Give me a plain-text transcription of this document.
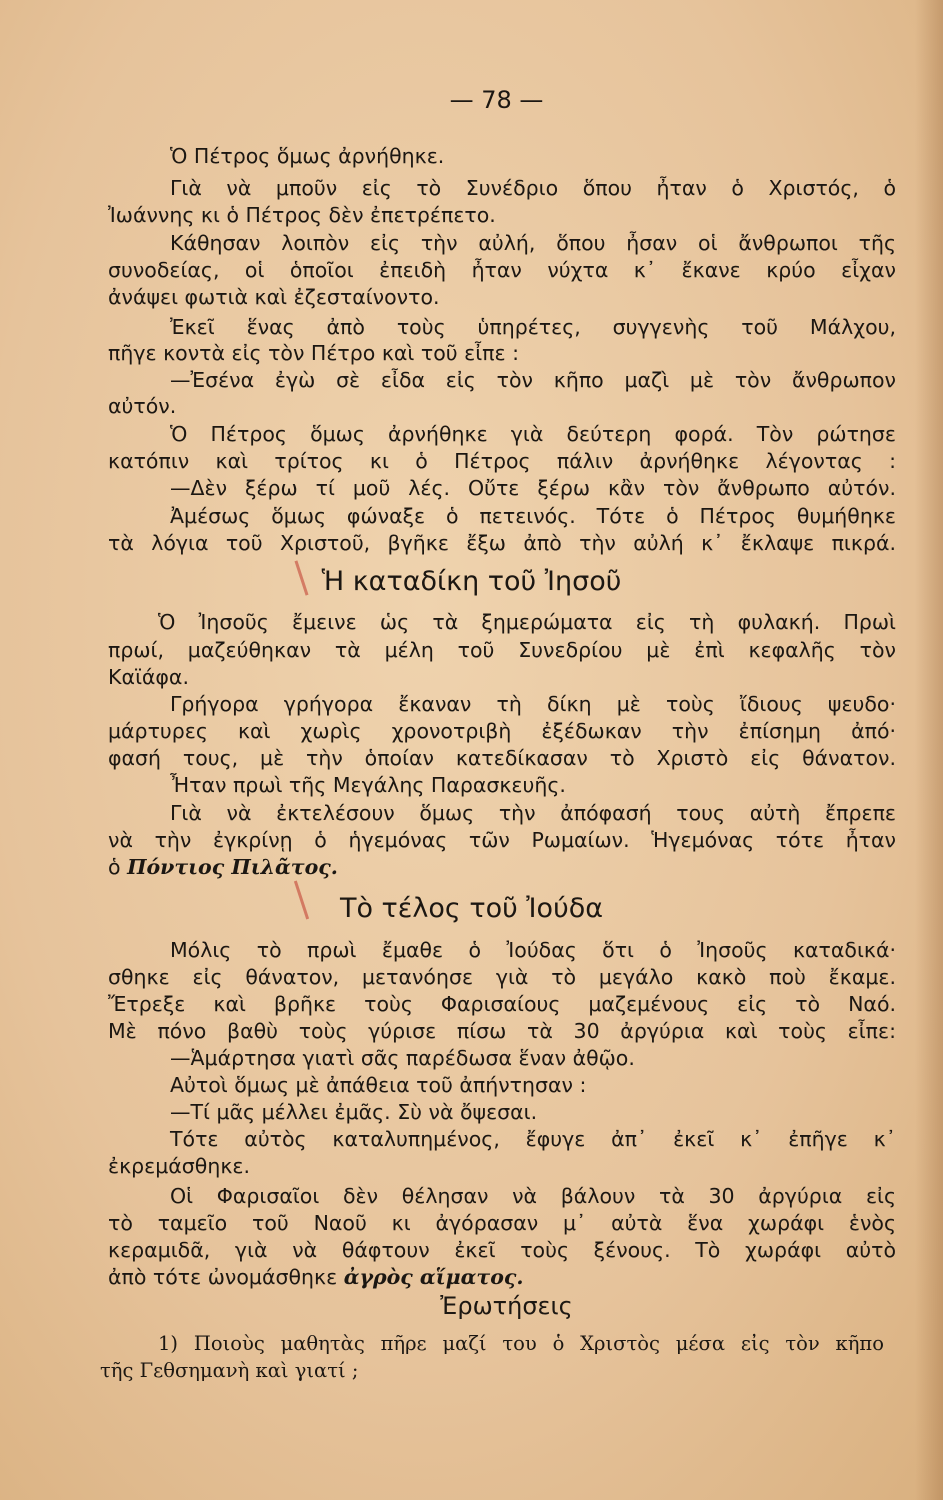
— 78 —
Ὁ Πέτρος ὅμως ἀρνήθηκε.
Γιὰ νὰ μποῦν εἰς τὸ Συνέδριο ὅπου ἦταν ὁ Χριστός, ὁ
Ἰωάννης κι ὁ Πέτρος δὲν ἐπετρέπετο.
Κάθησαν λοιπὸν εἰς τὴν αὐλή, ὅπου ἦσαν οἱ ἄνθρωποι τῆς
συνοδείας, οἱ ὁποῖοι ἐπειδὴ ἦταν νύχτα κ᾿ ἔκανε κρύο εἶχαν
ἀνάψει φωτιὰ καὶ ἐζεσταίνοντο.
Ἐκεῖ ἕνας ἀπὸ τοὺς ὑπηρέτες, συγγενὴς τοῦ Μάλχου,
πῆγε κοντὰ εἰς τὸν Πέτρο καὶ τοῦ εἶπε :
—Ἐσένα ἐγὼ σὲ εἶδα εἰς τὸν κῆπο μαζὶ μὲ τὸν ἄνθρωπον
αὐτόν.
Ὁ Πέτρος ὅμως ἀρνήθηκε γιὰ δεύτερη φορά. Τὸν ρώτησε
κατόπιν καὶ τρίτος κι ὁ Πέτρος πάλιν ἀρνήθηκε λέγοντας :
—Δὲν ξέρω τί μοῦ λές. Οὔτε ξέρω κἂν τὸν ἄνθρωπο αὐτόν.
Ἀμέσως ὅμως φώναξε ὁ πετεινός. Τότε ὁ Πέτρος θυμήθηκε
τὰ λόγια τοῦ Χριστοῦ, βγῆκε ἔξω ἀπὸ τὴν αὐλή κ᾿ ἔκλαψε πικρά.
Ἡ καταδίκη τοῦ Ἰησοῦ
Ὁ Ἰησοῦς ἔμεινε ὡς τὰ ξημερώματα εἰς τὴ φυλακή. Πρωὶ
πρωί, μαζεύθηκαν τὰ μέλη τοῦ Συνεδρίου μὲ ἐπὶ κεφαλῆς τὸν
Καϊάφα.
Γρήγορα γρήγορα ἔκαναν τὴ δίκη μὲ τοὺς ἴδιους ψευδο·
μάρτυρες καὶ χωρὶς χρονοτριβὴ ἐξέδωκαν τὴν ἐπίσημη ἀπό·
φασή τους, μὲ τὴν ὁποίαν κατεδίκασαν τὸ Χριστὸ εἰς θάνατον.
Ἦταν πρωὶ τῆς Μεγάλης Παρασκευῆς.
Γιὰ νὰ ἐκτελέσουν ὅμως τὴν ἀπόφασή τους αὐτὴ ἔπρεπε
νὰ τὴν ἐγκρίνῃ ὁ ἡγεμόνας τῶν Ρωμαίων. Ἡγεμόνας τότε ἦταν
ὁ Πόντιος Πιλᾶτος.
Τὸ τέλος τοῦ Ἰούδα
Μόλις τὸ πρωὶ ἔμαθε ὁ Ἰούδας ὅτι ὁ Ἰησοῦς καταδικά·
σθηκε εἰς θάνατον, μετανόησε γιὰ τὸ μεγάλο κακὸ ποὺ ἔκαμε.
Ἔτρεξε καὶ βρῆκε τοὺς Φαρισαίους μαζεμένους εἰς τὸ Ναό.
Μὲ πόνο βαθὺ τοὺς γύρισε πίσω τὰ 30 ἀργύρια καὶ τοὺς εἶπε:
—Ἁμάρτησα γιατὶ σᾶς παρέδωσα ἕναν ἀθῷο.
Αὐτοὶ ὅμως μὲ ἀπάθεια τοῦ ἀπήντησαν :
—Τί μᾶς μέλλει ἐμᾶς. Σὺ νὰ ὄψεσαι.
Τότε αὐτὸς καταλυπημένος, ἔφυγε ἀπ᾿ ἐκεῖ κ᾿ ἐπῆγε κ᾿
ἐκρεμάσθηκε.
Οἱ Φαρισαῖοι δὲν θέλησαν νὰ βάλουν τὰ 30 ἀργύρια εἰς
τὸ ταμεῖο τοῦ Ναοῦ κι ἀγόρασαν μ᾿ αὐτὰ ἕνα χωράφι ἑνὸς
κεραμιδᾶ, γιὰ νὰ θάφτουν ἐκεῖ τοὺς ξένους. Τὸ χωράφι αὐτὸ
ἀπὸ τότε ὠνομάσθηκε ἀγρὸς αἵματος.
Ἐρωτήσεις
1) Ποιοὺς μαθητὰς πῆρε μαζί του ὁ Χριστὸς μέσα εἰς τὸν κῆπο
τῆς Γεθσημανὴ καὶ γιατί ;
